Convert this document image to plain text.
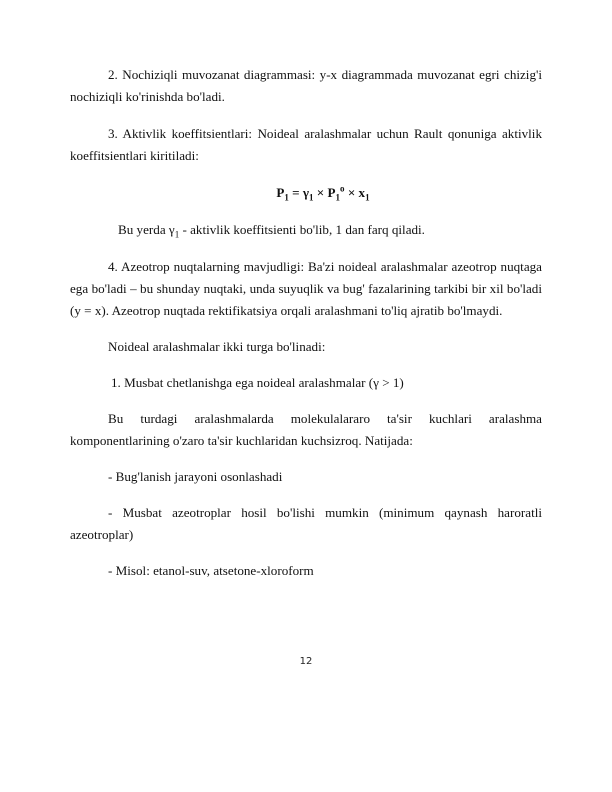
2. Nochiziqli muvozanat diagrammasi: y-x diagrammada muvozanat egri chizig'i nochiziqli ko'rinishda bo'ladi.

3. Aktivlik koeffitsientlari: Noideal aralashmalar uchun Rault qonuniga aktivlik koeffitsientlari kiritiladi:

$P_1 = \gamma_1 \times P_1^o \times x_1$

Bu yerda $\gamma_1$ - aktivlik koeffitsienti bo'lib, 1 dan farq qiladi.

4. Azeotrop nuqtalarning mavjudligi: Ba'zi noideal aralashmalar azeotrop nuqtaga ega bo'ladi – bu shunday nuqtaki, unda suyuqlik va bug' fazalarining tarkibi bir xil bo'ladi (y = x). Azeotrop nuqtada rektifikatsiya orqali aralashmani to'liq ajratib bo'lmaydi.

Noideal aralashmalar ikki turga bo'linadi:

1. Musbat chetlanishga ega noideal aralashmalar (γ > 1)

Bu turdagi aralashmalarda molekulalararo ta'sir kuchlari aralashma komponentlarining o'zaro ta'sir kuchlaridan kuchsizroq. Natijada:

- Bug'lanish jarayoni osonlashadi

- Musbat azeotroplar hosil bo'lishi mumkin (minimum qaynash haroratli azeotroplar)

- Misol: etanol-suv, atsetone-xloroform

12
